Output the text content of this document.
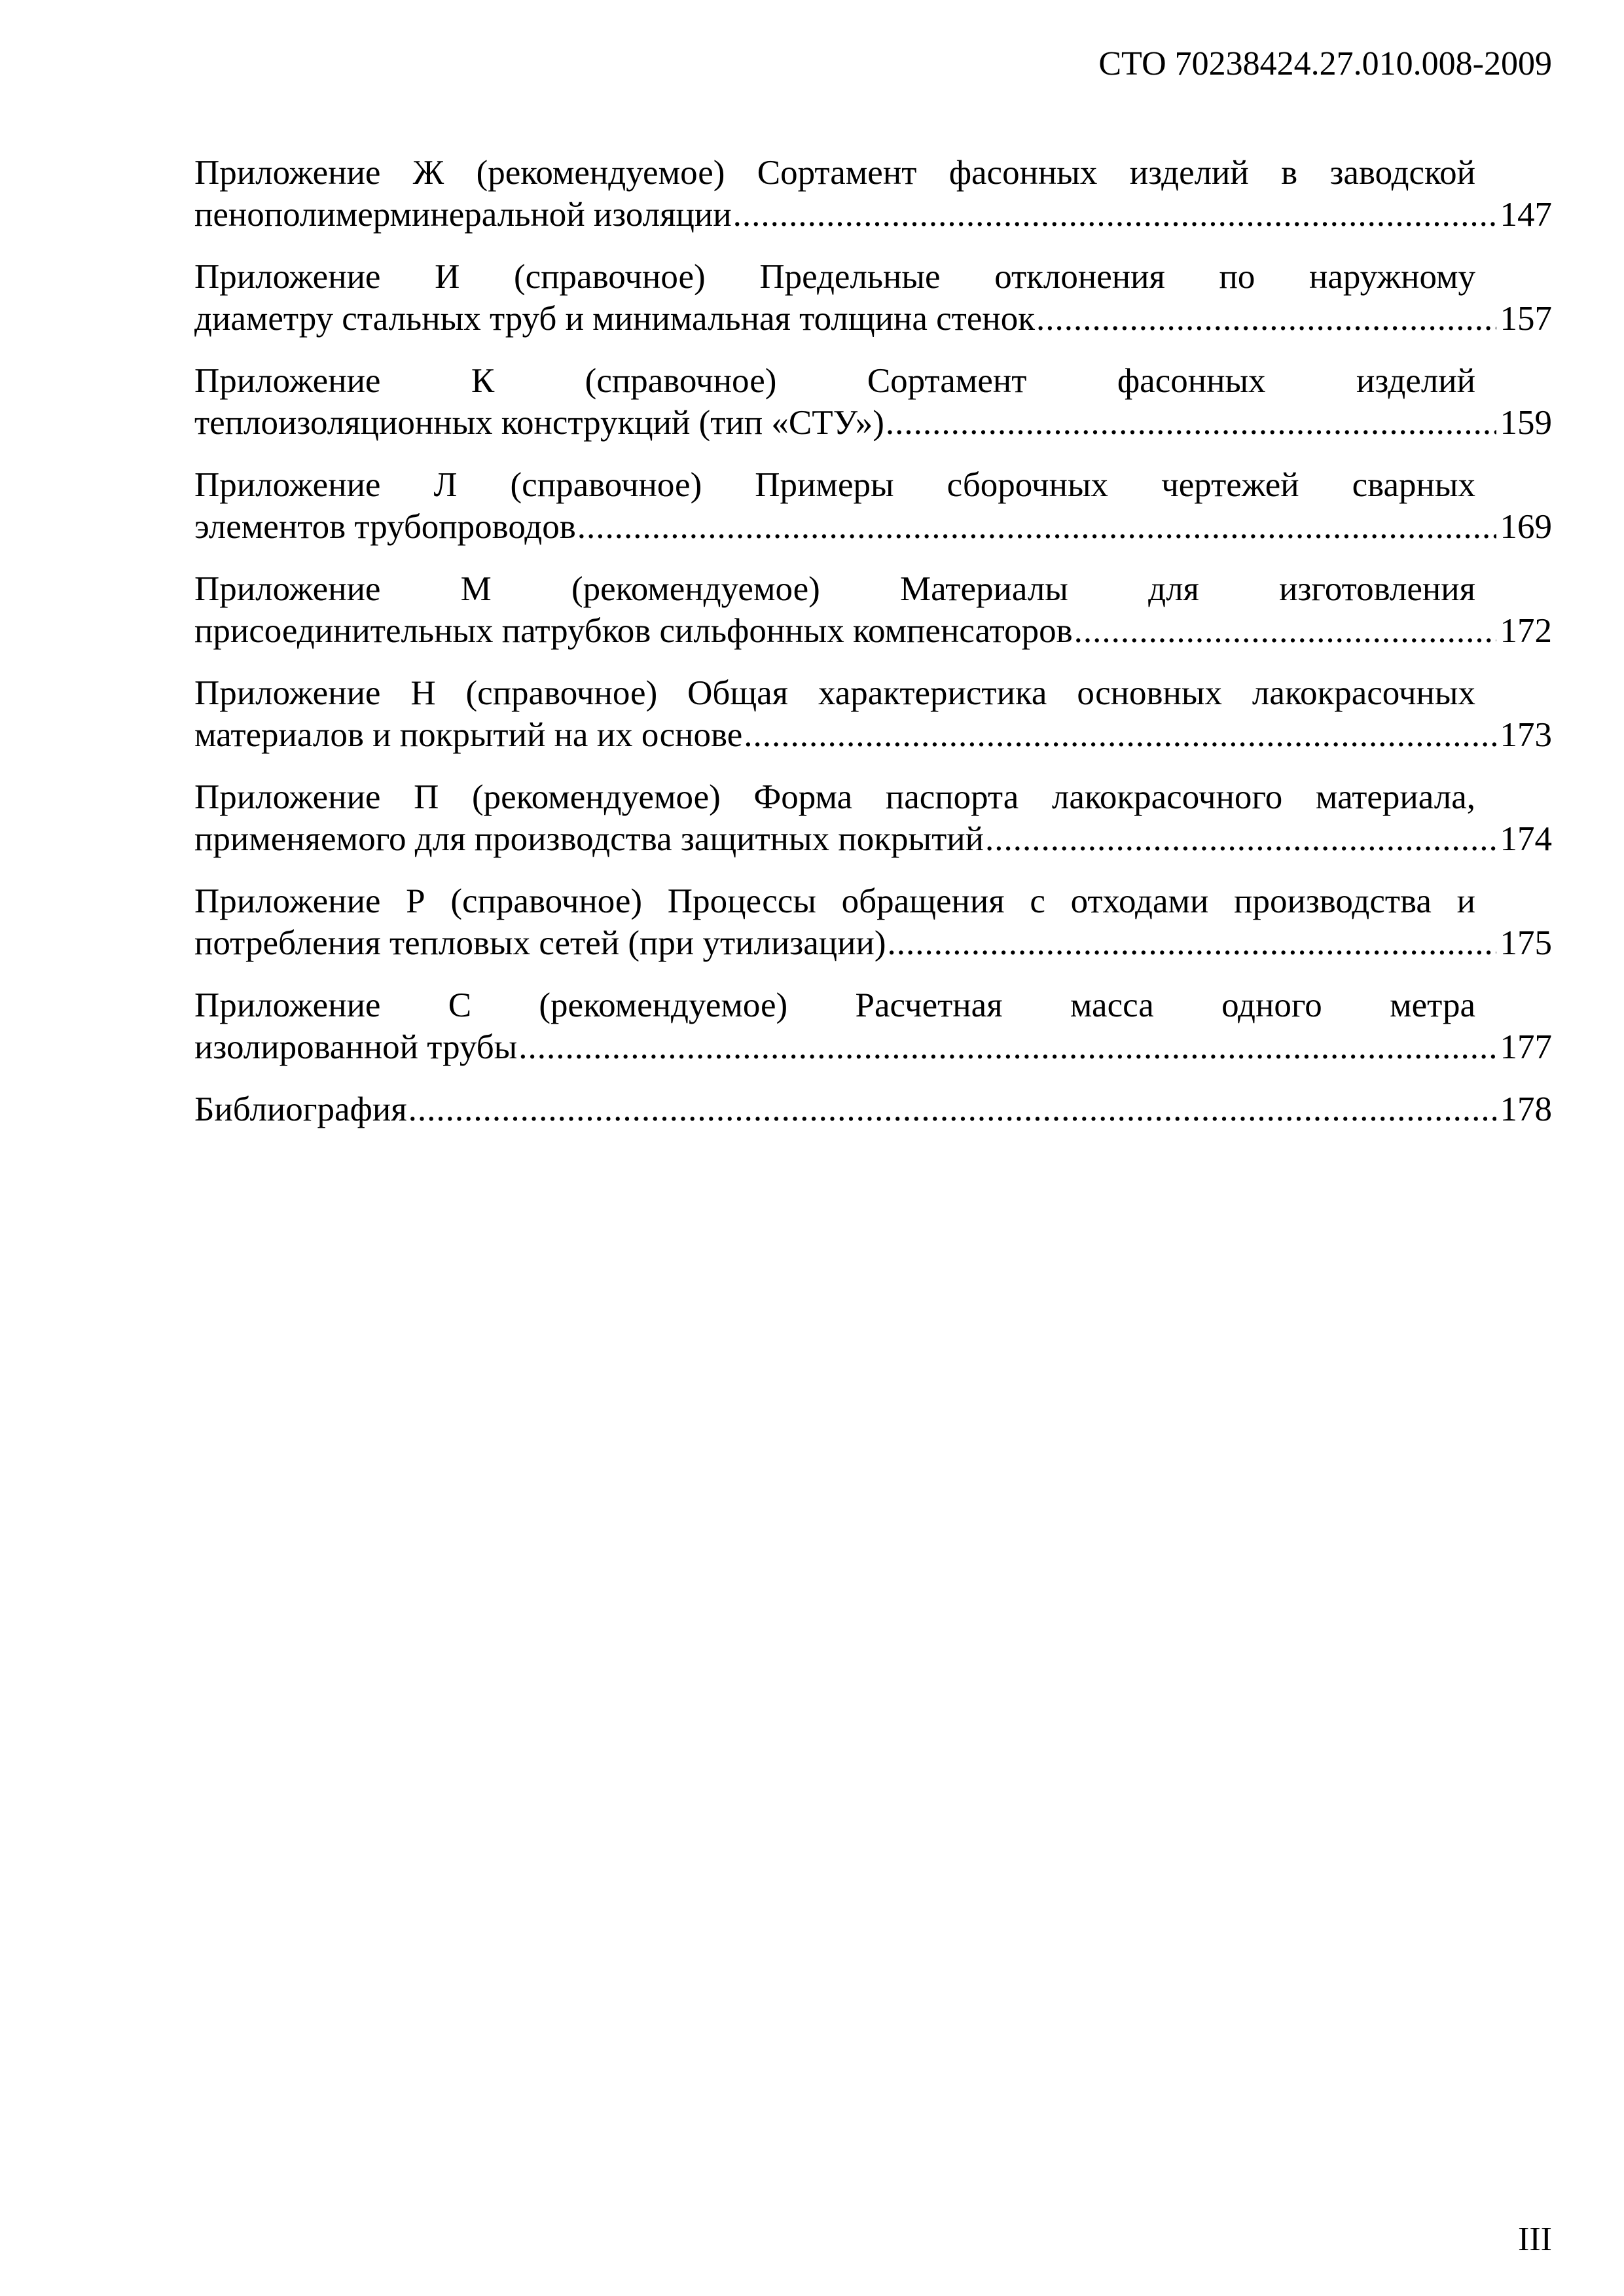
СТО 70238424.27.010.008-2009
Приложение Ж (рекомендуемое) Сортамент фасонных изделий в заводской
пенополимерминеральной изоляции .....	147
Приложение И (справочное) Предельные отклонения по наружному
диаметру стальных труб и минимальная толщина стенок .....	157
Приложение К (справочное) Сортамент фасонных изделий
теплоизоляционных конструкций (тип «СТУ») .....	159
Приложение Л (справочное) Примеры сборочных чертежей сварных
элементов трубопроводов .....	169
Приложение М (рекомендуемое) Материалы для изготовления
присоединительных патрубков сильфонных компенсаторов .....	172
Приложение Н (справочное) Общая характеристика основных лакокрасочных
материалов и покрытий на их основе .....	173
Приложение П (рекомендуемое) Форма паспорта лакокрасочного материала,
применяемого для производства защитных покрытий .....	174
Приложение Р (справочное) Процессы обращения с отходами производства и
потребления тепловых сетей (при утилизации) .....	175
Приложение С (рекомендуемое) Расчетная масса одного метра
изолированной трубы .....	177
Библиография .....	178
III
